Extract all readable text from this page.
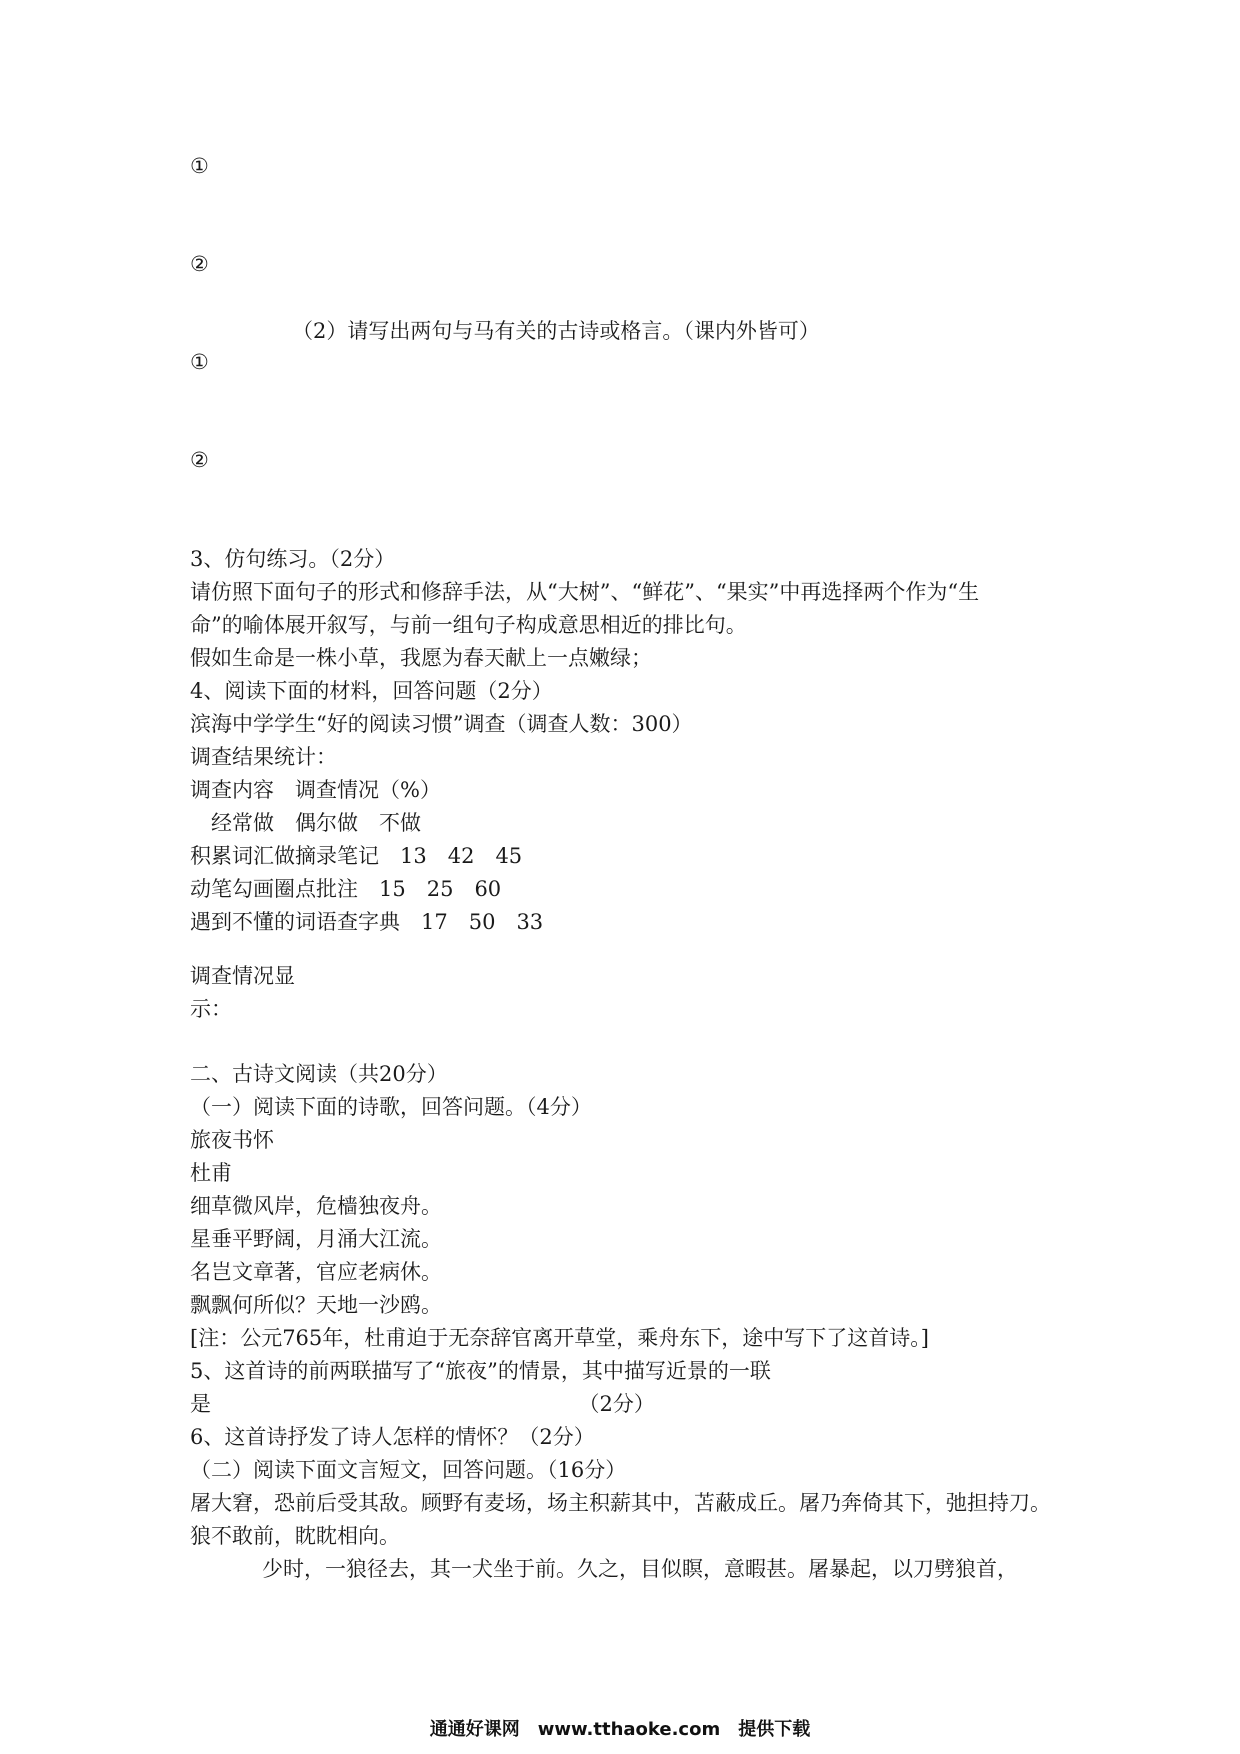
①
②
（2）请写出两句与马有关的古诗或格言。（课内外皆可）
①
②
3、仿句练习。（2分）
请仿照下面句子的形式和修辞手法，从“大树”、“鲜花”、“果实”中再选择两个作为“生
命”的喻体展开叙写，与前一组句子构成意思相近的排比句。
假如生命是一株小草，我愿为春天献上一点嫩绿；
4、阅读下面的材料，回答问题（2分）
滨海中学学生“好的阅读习惯”调查（调查人数：300）
调查结果统计：
调查内容　调查情况（%）
　经常做　偶尔做　不做
积累词汇做摘录笔记　13　42　45
动笔勾画圈点批注　15　25　60
遇到不懂的词语查字典　17　50　33
调查情况显
示：
二、古诗文阅读（共20分）
（一）阅读下面的诗歌，回答问题。（4分）
旅夜书怀
杜甫
细草微风岸，危樯独夜舟。
星垂平野阔，月涌大江流。
名岂文章著，官应老病休。
飘飘何所似？天地一沙鸥。
[注：公元765年，杜甫迫于无奈辞官离开草堂，乘舟东下，途中写下了这首诗。]
5、这首诗的前两联描写了“旅夜”的情景，其中描写近景的一联
是　　　　　　　　　　　　　　　　　　（2分）
6、这首诗抒发了诗人怎样的情怀？（2分）
（二）阅读下面文言短文，回答问题。（16分）
屠大窘，恐前后受其敌。顾野有麦场，场主积薪其中，苫蔽成丘。屠乃奔倚其下，弛担持刀。
狼不敢前，眈眈相向。
少时，一狼径去，其一犬坐于前。久之，目似瞑，意暇甚。屠暴起，以刀劈狼首，
通通好课网　www.tthaoke.com　提供下载
